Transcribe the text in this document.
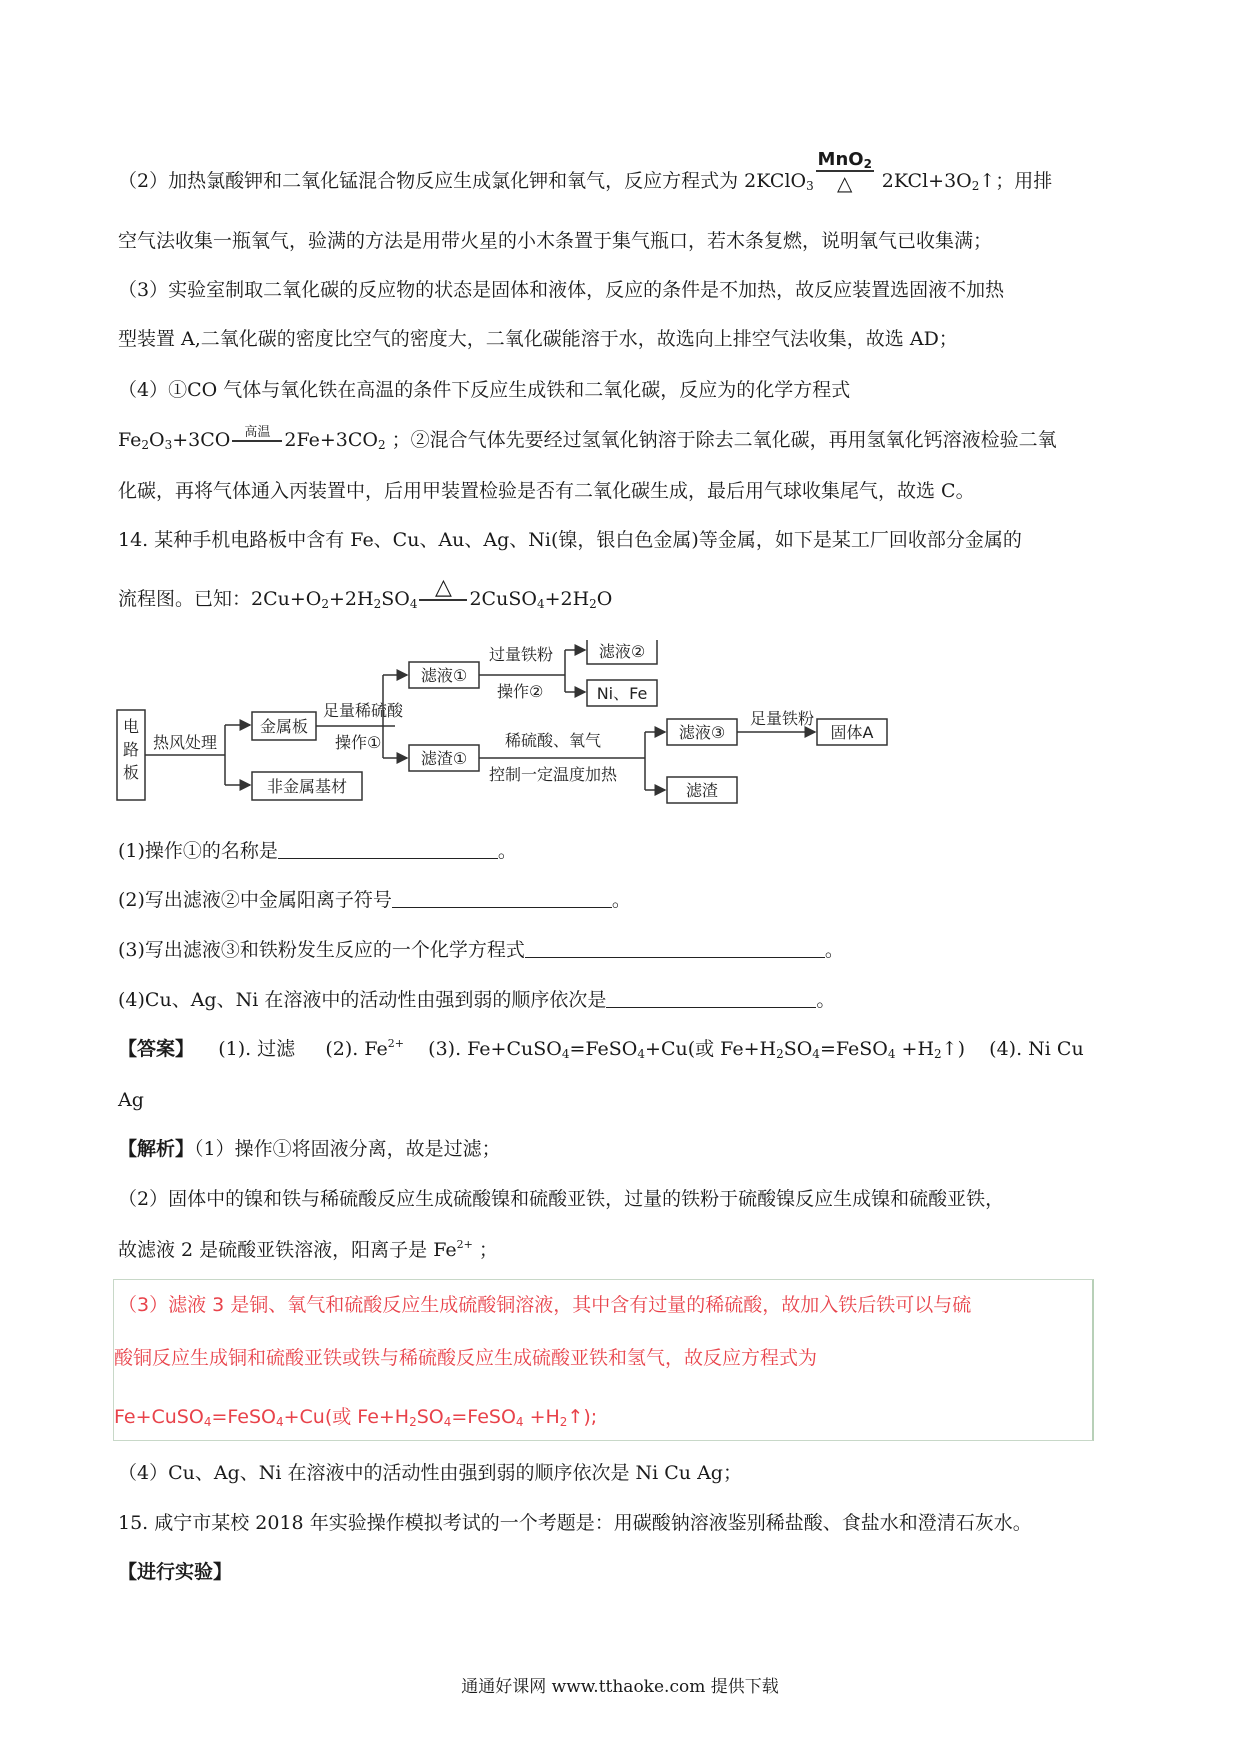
（2）加热氯酸钾和二氧化锰混合物反应生成氯化钾和氧气，反应方程式为 2KClO$_3$
MnO$_2$
△	$2KCl+3O_2↑$；用排
空气法收集一瓶氧气，验满的方法是用带火星的小木条置于集气瓶口，若木条复燃，说明氧气已收集满；
（3）实验室制取二氧化碳的反应物的状态是固体和液体，反应的条件是不加热，故反应装置选固液不加热
型装置 A,二氧化碳的密度比空气的密度大，二氧化碳能溶于水，故选向上排空气法收集，故选 AD；
（4）①CO 气体与氧化铁在高温的条件下反应生成铁和二氧化碳，反应为的化学方程式
$Fe_2O_3+3CO$	高温 $2Fe+3CO_2$ ；②混合气体先要经过氢氧化钠溶于除去二氧化碳，再用氢氧化钙溶液检验二氧
化碳，再将气体通入丙装置中，后用甲装置检验是否有二氧化碳生成，最后用气球收集尾气，故选 C。
14. 某种手机电路板中含有 Fe、Cu、Au、Ag、Ni(镍，银白色金属)等金属，如下是某工厂回收部分金属的
流程图。已知：$2Cu+O_2+2H_2SO_4$
△ $2CuSO_4+2H_2O$
电
路
板
热风处理
金属板
非金属基材
足量稀硫酸
操作①
滤液①
滤渣①
过量铁粉
操作②
滤液②
Ni、Fe
稀硫酸、氧气
控制一定温度加热
滤液③
滤渣
足量铁粉
固体A
(1)操作①的名称是	。
(2)写出滤液②中金属阳离子符号	。
(3)写出滤液③和铁粉发生反应的一个化学方程式	。
(4)Cu、Ag、Ni 在溶液中的活动性由强到弱的顺序依次是	。
【答案】 (1). 过滤 (2). $Fe^{2+}$ (3). Fe+CuSO$_4$=FeSO$_4$+Cu(或 $Fe+H_2SO_4=FeSO_4$ $+H_2↑$) (4). Ni Cu
Ag
【解析】（1）操作①将固液分离，故是过滤；
（2）固体中的镍和铁与稀硫酸反应生成硫酸镍和硫酸亚铁，过量的铁粉于硫酸镍反应生成镍和硫酸亚铁，
故滤液 2 是硫酸亚铁溶液，阳离子是 $Fe^{2+}$ ；
（3）滤液 3 是铜、氧气和硫酸反应生成硫酸铜溶液，其中含有过量的稀硫酸，故加入铁后铁可以与硫
酸铜反应生成铜和硫酸亚铁或铁与稀硫酸反应生成硫酸亚铁和氢气，故反应方程式为
Fe+CuSO$_4$=FeSO$_4$+Cu(或 $Fe+H_2SO_4=FeSO_4$ $+H_2↑$);
（4）Cu、Ag、Ni 在溶液中的活动性由强到弱的顺序依次是 Ni Cu Ag；
15. 咸宁市某校 2018 年实验操作模拟考试的一个考题是：用碳酸钠溶液鉴别稀盐酸、食盐水和澄清石灰水。
【进行实验】
通通好课网 www.tthaoke.com 提供下载
